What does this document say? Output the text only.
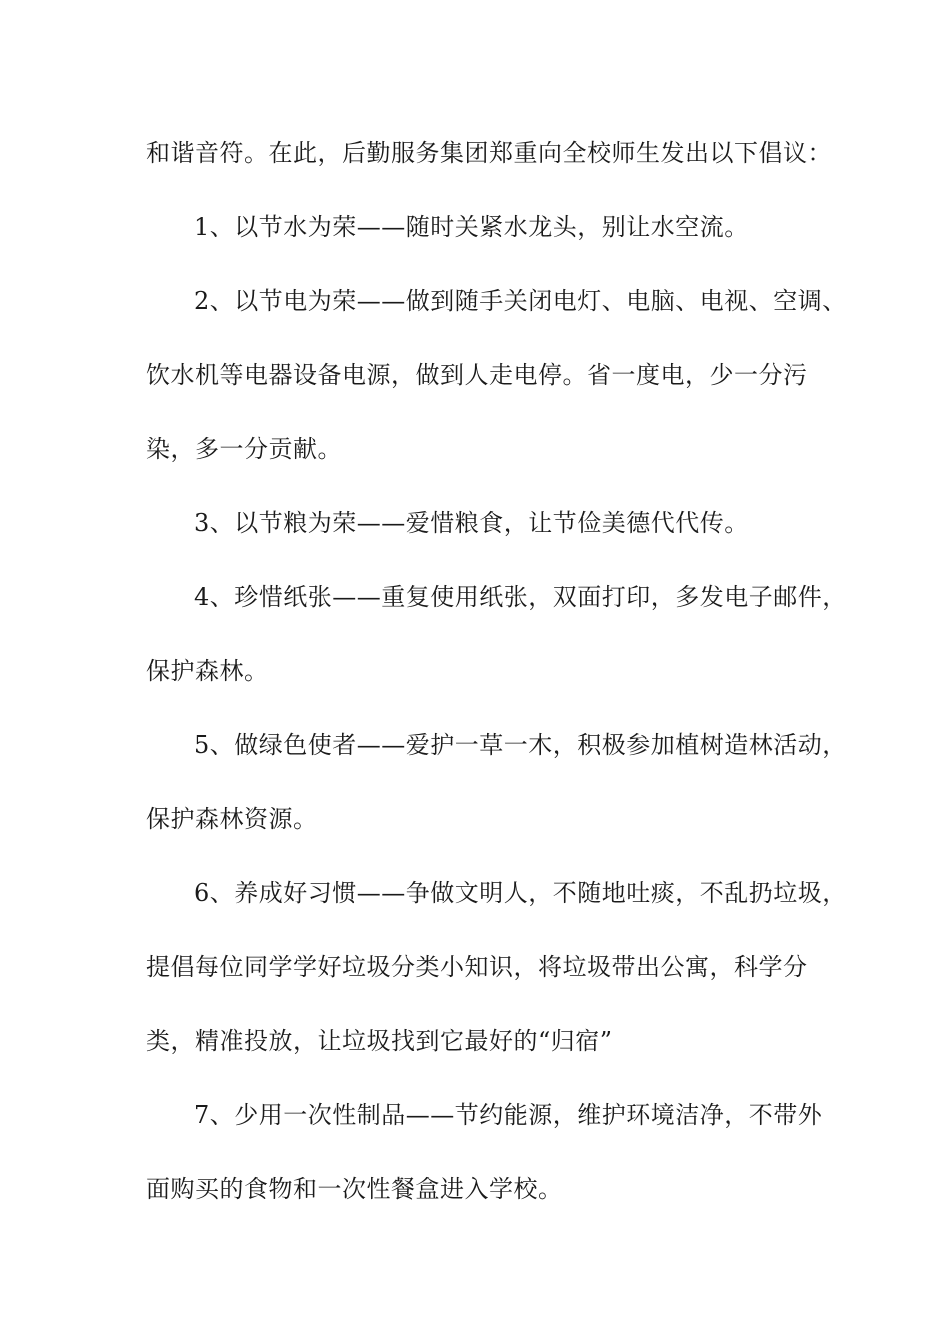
和谐音符。在此，后勤服务集团郑重向全校师生发出以下倡议：
1、以节水为荣——随时关紧水龙头，别让水空流。
2、以节电为荣——做到随手关闭电灯、电脑、电视、空调、
饮水机等电器设备电源，做到人走电停。省一度电，少一分污
染，多一分贡献。
3、以节粮为荣——爱惜粮食，让节俭美德代代传。
4、珍惜纸张——重复使用纸张，双面打印，多发电子邮件，
保护森林。
5、做绿色使者——爱护一草一木，积极参加植树造林活动，
保护森林资源。
6、养成好习惯——争做文明人，不随地吐痰，不乱扔垃圾，
提倡每位同学学好垃圾分类小知识，将垃圾带出公寓，科学分
类，精准投放，让垃圾找到它最好的“归宿”
7、少用一次性制品——节约能源，维护环境洁净，不带外
面购买的食物和一次性餐盒进入学校。
